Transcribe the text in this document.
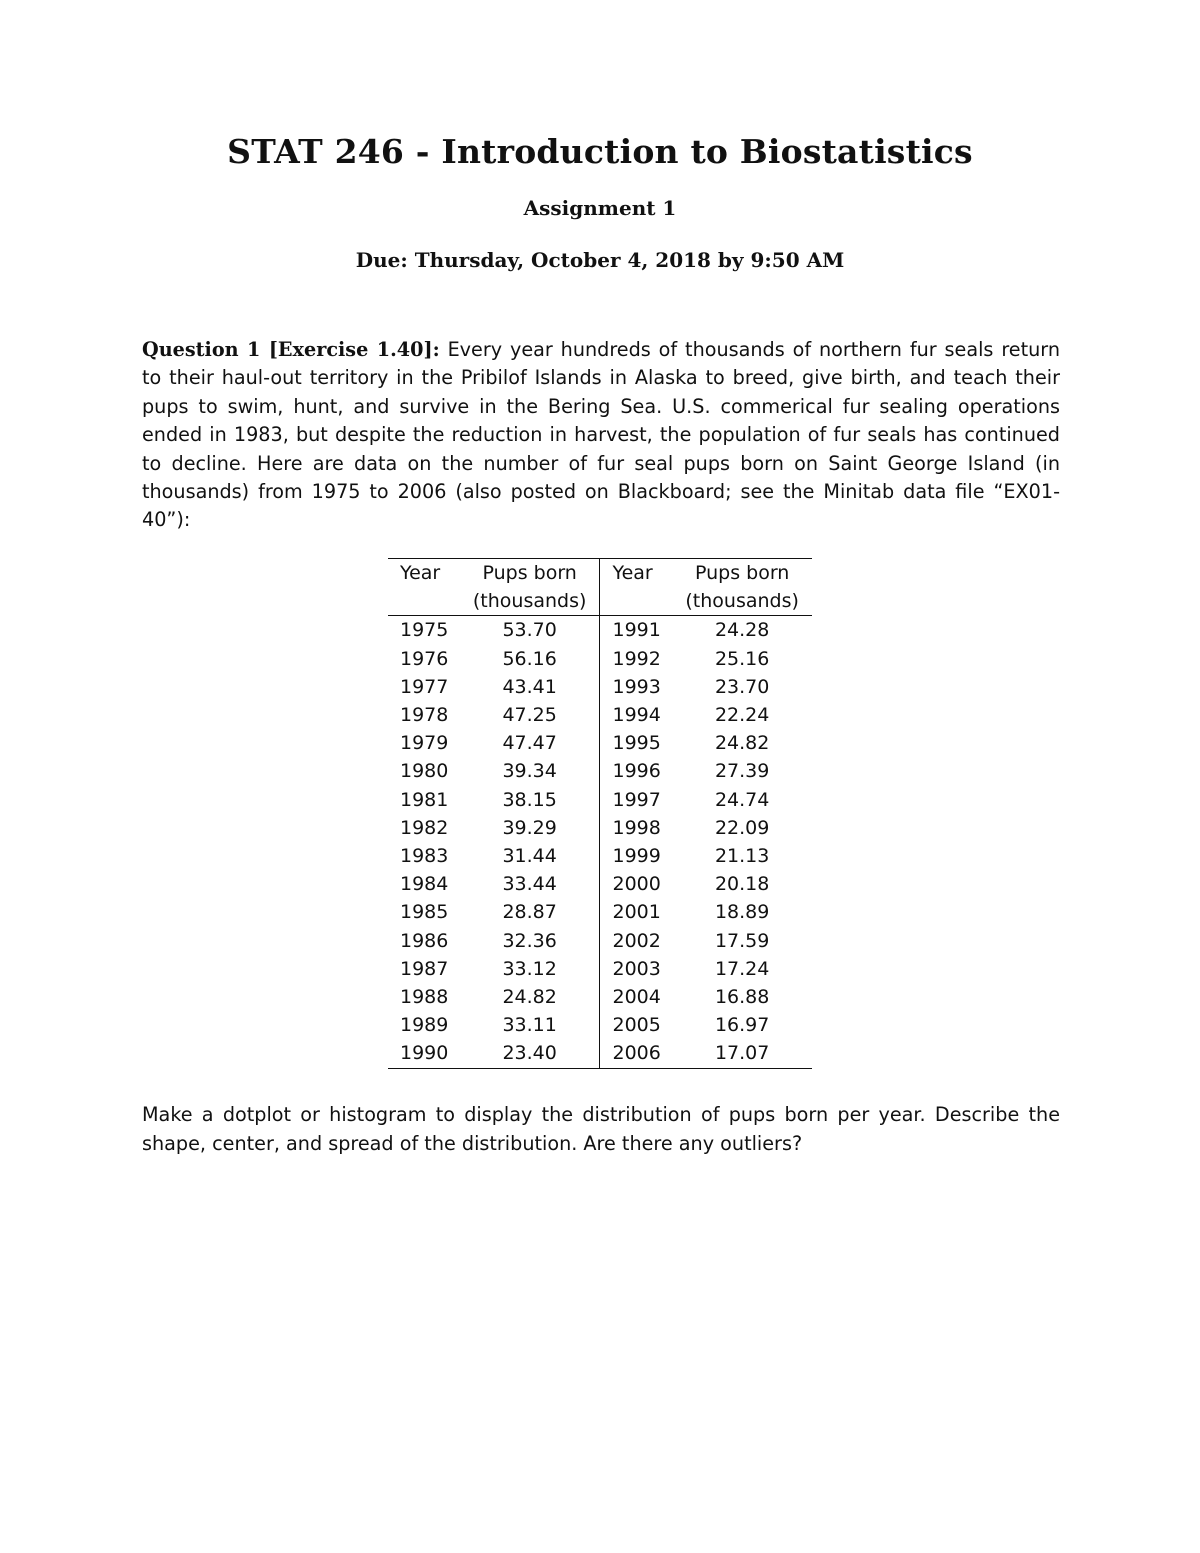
STAT 246 - Introduction to Biostatistics
Assignment 1
Due: Thursday, October 4, 2018 by 9:50 AM
Question 1 [Exercise 1.40]: Every year hundreds of thousands of northern fur seals return to their haul-out territory in the Pribilof Islands in Alaska to breed, give birth, and teach their pups to swim, hunt, and survive in the Bering Sea. U.S. commerical fur sealing operations ended in 1983, but despite the reduction in harvest, the population of fur seals has continued to decline. Here are data on the number of fur seal pups born on Saint George Island (in thousands) from 1975 to 2006 (also posted on Blackboard; see the Minitab data file “EX01-40”):
Year	Pups born	Year	Pups born
	(thousands)		(thousands)
1975	53.70	1991	24.28
1976	56.16	1992	25.16
1977	43.41	1993	23.70
1978	47.25	1994	22.24
1979	47.47	1995	24.82
1980	39.34	1996	27.39
1981	38.15	1997	24.74
1982	39.29	1998	22.09
1983	31.44	1999	21.13
1984	33.44	2000	20.18
1985	28.87	2001	18.89
1986	32.36	2002	17.59
1987	33.12	2003	17.24
1988	24.82	2004	16.88
1989	33.11	2005	16.97
1990	23.40	2006	17.07
Make a dotplot or histogram to display the distribution of pups born per year. Describe the shape, center, and spread of the distribution. Are there any outliers?
